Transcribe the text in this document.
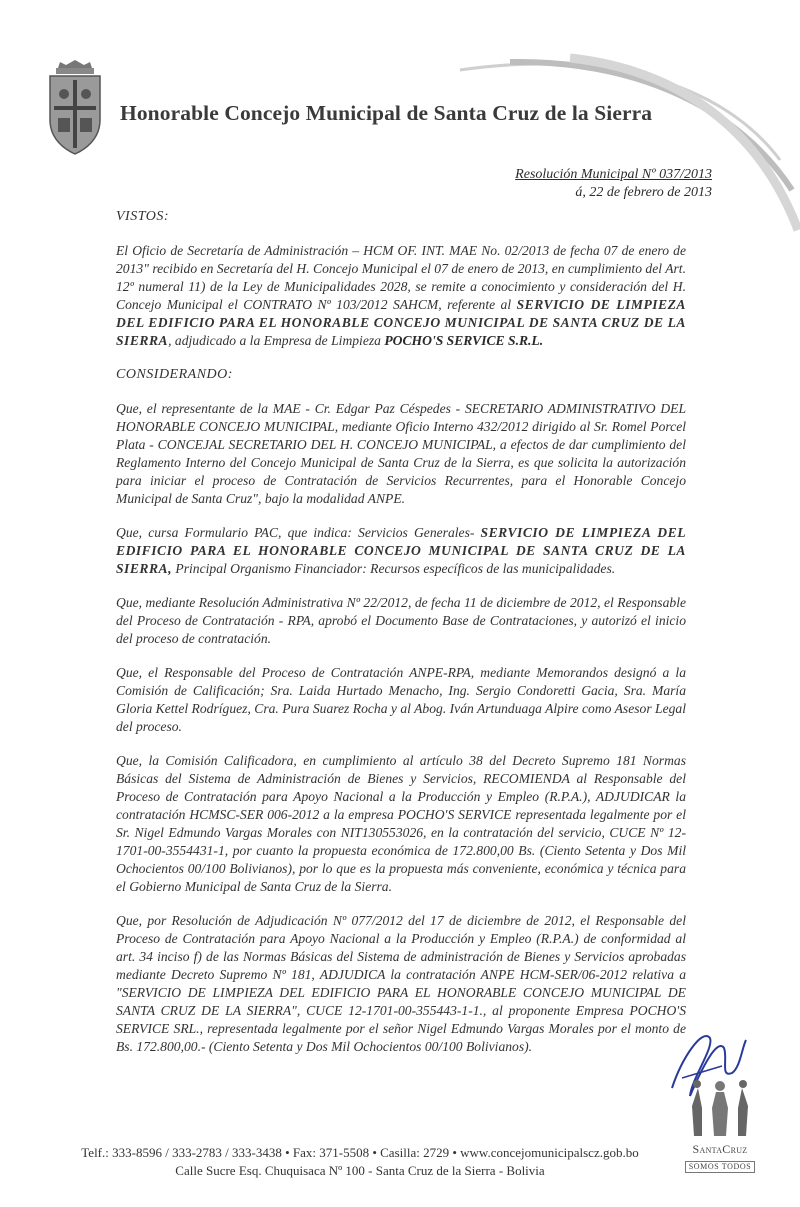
Honorable Concejo Municipal de Santa Cruz de la Sierra
Resolución Municipal Nº 037/2013
á, 22 de febrero de 2013
VISTOS:

El Oficio de Secretaría de Administración – HCM OF. INT. MAE No. 02/2013 de fecha 07 de enero de 2013" recibido en Secretaría del H. Concejo Municipal el 07 de enero de 2013, en cumplimiento del Art. 12º numeral 11) de la Ley de Municipalidades 2028, se remite a conocimiento y consideración del H. Concejo Municipal el CONTRATO Nº 103/2012 SAHCM, referente al SERVICIO DE LIMPIEZA DEL EDIFICIO PARA EL HONORABLE CONCEJO MUNICIPAL DE SANTA CRUZ DE LA SIERRA, adjudicado a la Empresa de Limpieza POCHO'S SERVICE S.R.L.

CONSIDERANDO:

Que, el representante de la MAE - Cr. Edgar Paz Céspedes - SECRETARIO ADMINISTRATIVO DEL HONORABLE CONCEJO MUNICIPAL, mediante Oficio Interno 432/2012 dirigido al Sr. Romel Porcel Plata - CONCEJAL SECRETARIO DEL H. CONCEJO MUNICIPAL, a efectos de dar cumplimiento del Reglamento Interno del Concejo Municipal de Santa Cruz de la Sierra, es que solicita la autorización para iniciar el proceso de Contratación de Servicios Recurrentes, para el Honorable Concejo Municipal de Santa Cruz", bajo la modalidad ANPE.

Que, cursa Formulario PAC, que indica: Servicios Generales- SERVICIO DE LIMPIEZA DEL EDIFICIO PARA EL HONORABLE CONCEJO MUNICIPAL DE SANTA CRUZ DE LA SIERRA, Principal Organismo Financiador: Recursos específicos de las municipalidades.

Que, mediante Resolución Administrativa Nº 22/2012, de fecha 11 de diciembre de 2012, el Responsable del Proceso de Contratación - RPA, aprobó el Documento Base de Contrataciones, y autorizó el inicio del proceso de contratación.

Que, el Responsable del Proceso de Contratación ANPE-RPA, mediante Memorandos designó a la Comisión de Calificación; Sra. Laida Hurtado Menacho, Ing. Sergio Condoretti Gacia, Sra. María Gloria Kettel Rodríguez, Cra. Pura Suarez Rocha y al Abog. Iván Artunduaga Alpire como Asesor Legal del proceso.

Que, la Comisión Calificadora, en cumplimiento al artículo 38 del Decreto Supremo 181 Normas Básicas del Sistema de Administración de Bienes y Servicios, RECOMIENDA al Responsable del Proceso de Contratación para Apoyo Nacional a la Producción y Empleo (R.P.A.), ADJUDICAR la contratación HCMSC-SER 006-2012 a la empresa POCHO'S SERVICE representada legalmente por el Sr. Nigel Edmundo Vargas Morales con NIT130553026, en la contratación del servicio, CUCE Nº 12-1701-00-3554431-1, por cuanto la propuesta económica de 172.800,00 Bs. (Ciento Setenta y Dos Mil Ochocientos 00/100 Bolivianos), por lo que es la propuesta más conveniente, económica y técnica para el Gobierno Municipal de Santa Cruz de la Sierra.

Que, por Resolución de Adjudicación Nº 077/2012 del 17 de diciembre de 2012, el Responsable del Proceso de Contratación para Apoyo Nacional a la Producción y Empleo (R.P.A.) de conformidad al art. 34 inciso f) de las Normas Básicas del Sistema de administración de Bienes y Servicios aprobadas mediante Decreto Supremo Nº 181, ADJUDICA la contratación ANPE HCM-SER/06-2012 relativa a "SERVICIO DE LIMPIEZA DEL EDIFICIO PARA EL HONORABLE CONCEJO MUNICIPAL DE SANTA CRUZ DE LA SIERRA", CUCE 12-1701-00-355443-1-1., al proponente Empresa POCHO'S SERVICE SRL., representada legalmente por el señor Nigel Edmundo Vargas Morales por el monto de Bs. 172.800,00.- (Ciento Setenta y Dos Mil Ochocientos 00/100 Bolivianos).

Telf.: 333-8596 / 333-2783 / 333-3438 • Fax: 371-5508 • Casilla: 2729 • www.concejomunicipalscz.gob.bo
Calle Sucre Esq. Chuquisaca Nº 100 - Santa Cruz de la Sierra - Bolivia
SantaCruz
SOMOS TODOS
